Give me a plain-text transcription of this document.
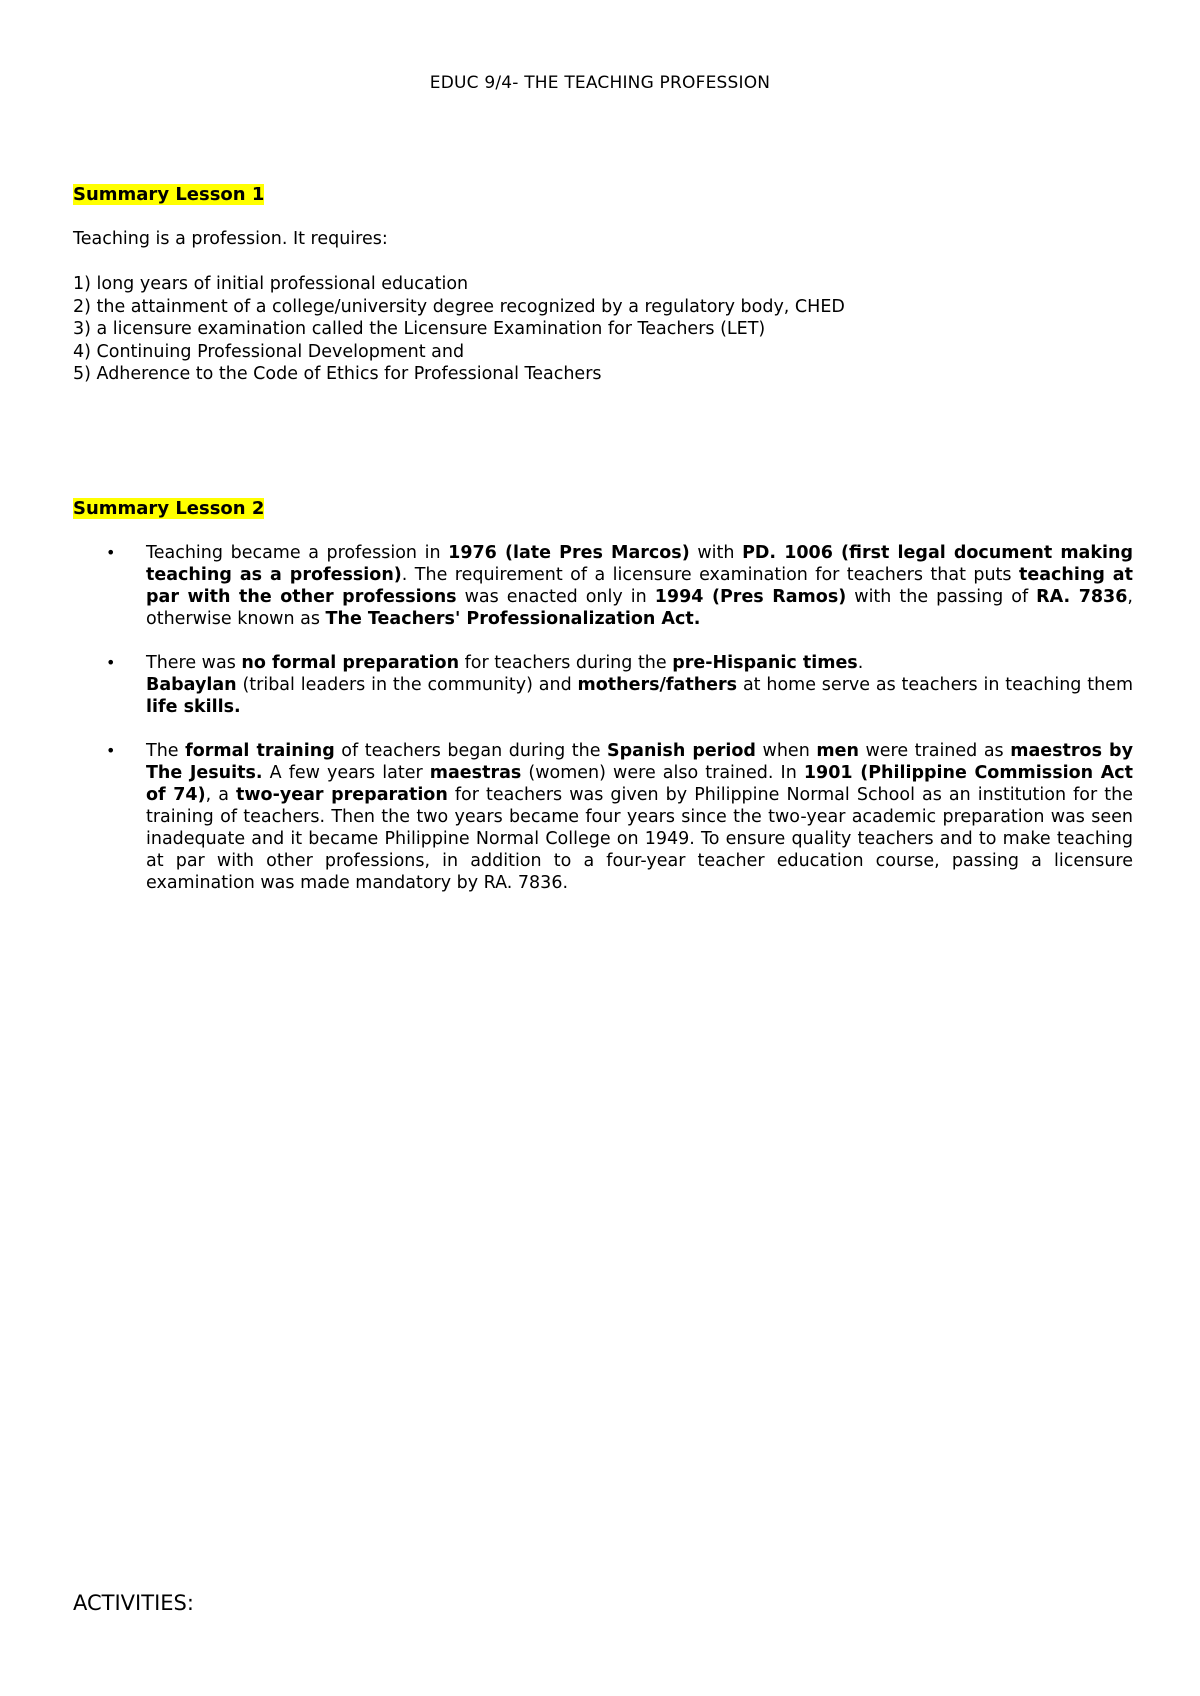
EDUC 9/4- THE TEACHING PROFESSION
Summary Lesson 1
Teaching is a profession. It requires:
1) long years of initial professional education
2) the attainment of a college/university degree recognized by a regulatory body, CHED
3) a licensure examination called the Licensure Examination for Teachers (LET)
4) Continuing Professional Development and
5) Adherence to the Code of Ethics for Professional Teachers
Summary Lesson 2
• Teaching became a profession in 1976 (late Pres Marcos) with PD. 1006 (first legal document making teaching as a profession). The requirement of a licensure examination for teachers that puts teaching at par with the other professions was enacted only in 1994 (Pres Ramos) with the passing of RA. 7836, otherwise known as The Teachers' Professionalization Act.
• There was no formal preparation for teachers during the pre-Hispanic times.
Babaylan (tribal leaders in the community) and mothers/fathers at home serve as teachers in teaching them life skills.
• The formal training of teachers began during the Spanish period when men were trained as maestros by The Jesuits. A few years later maestras (women) were also trained. In 1901 (Philippine Commission Act of 74), a two-year preparation for teachers was given by Philippine Normal School as an institution for the training of teachers. Then the two years became four years since the two-year academic preparation was seen inadequate and it became Philippine Normal College on 1949. To ensure quality teachers and to make teaching at par with other professions, in addition to a four-year teacher education course, passing a licensure examination was made mandatory by RA. 7836.
ACTIVITIES:
